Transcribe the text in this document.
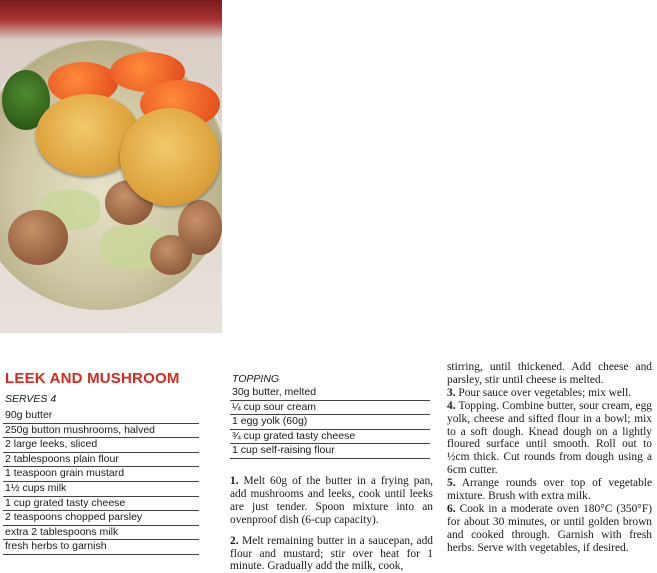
LEEK AND MUSHROOM
SERVES 4
90g butter
250g button mushrooms, halved
2 large leeks, sliced
2 tablespoons plain flour
1 teaspoon grain mustard
1½ cups milk
1 cup grated tasty cheese
2 teaspoons chopped parsley
extra 2 tablespoons milk
fresh herbs to garnish
TOPPING
30g butter, melted
¼ cup sour cream
1 egg yolk (60g)
¾ cup grated tasty cheese
1 cup self-raising flour

1. Melt 60g of the butter in a frying pan, add mushrooms and leeks, cook until leeks are just tender. Spoon mixture into an ovenproof dish (6-cup capacity).

2. Melt remaining butter in a saucepan, add flour and mustard; stir over heat for 1 minute. Gradually add the milk, cook,

stirring, until thickened. Add cheese and parsley, stir until cheese is melted.

3. Pour sauce over vegetables; mix well.

4. Topping. Combine butter, sour cream, egg yolk, cheese and sifted flour in a bowl; mix to a soft dough. Knead dough on a lightly floured surface until smooth. Roll out to ½cm thick. Cut rounds from dough using a 6cm cutter.

5. Arrange rounds over top of vegetable mixture. Brush with extra milk.

6. Cook in a moderate oven 180°C (350°F) for about 30 minutes, or until golden brown and cooked through. Garnish with fresh herbs. Serve with vegetables, if desired.
